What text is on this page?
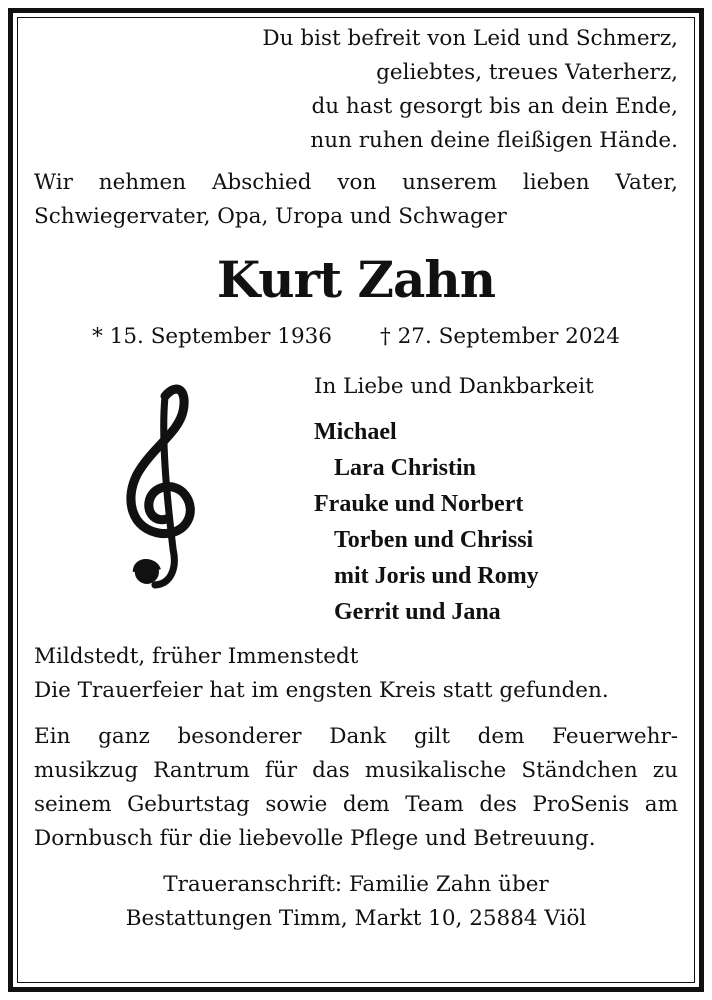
Du bist befreit von Leid und Schmerz,
geliebtes, treues Vaterherz,
du hast gesorgt bis an dein Ende,
nun ruhen deine fleißigen Hände.
Wir nehmen Abschied von unserem lieben Vater,
Schwiegervater, Opa, Uropa und Schwager
Kurt Zahn
* 15. September 1936 † 27. September 2024
In Liebe und Dankbarkeit
Michael
Lara Christin
Frauke und Norbert
Torben und Chrissi
mit Joris und Romy
Gerrit und Jana
Mildstedt, früher Immenstedt
Die Trauerfeier hat im engsten Kreis statt gefunden.
Ein ganz besonderer Dank gilt dem Feuerwehr-
musikzug Rantrum für das musikalische Ständchen zu
seinem Geburtstag sowie dem Team des ProSenis am
Dornbusch für die liebevolle Pflege und Betreuung.
Traueranschrift: Familie Zahn über
Bestattungen Timm, Markt 10, 25884 Viöl
